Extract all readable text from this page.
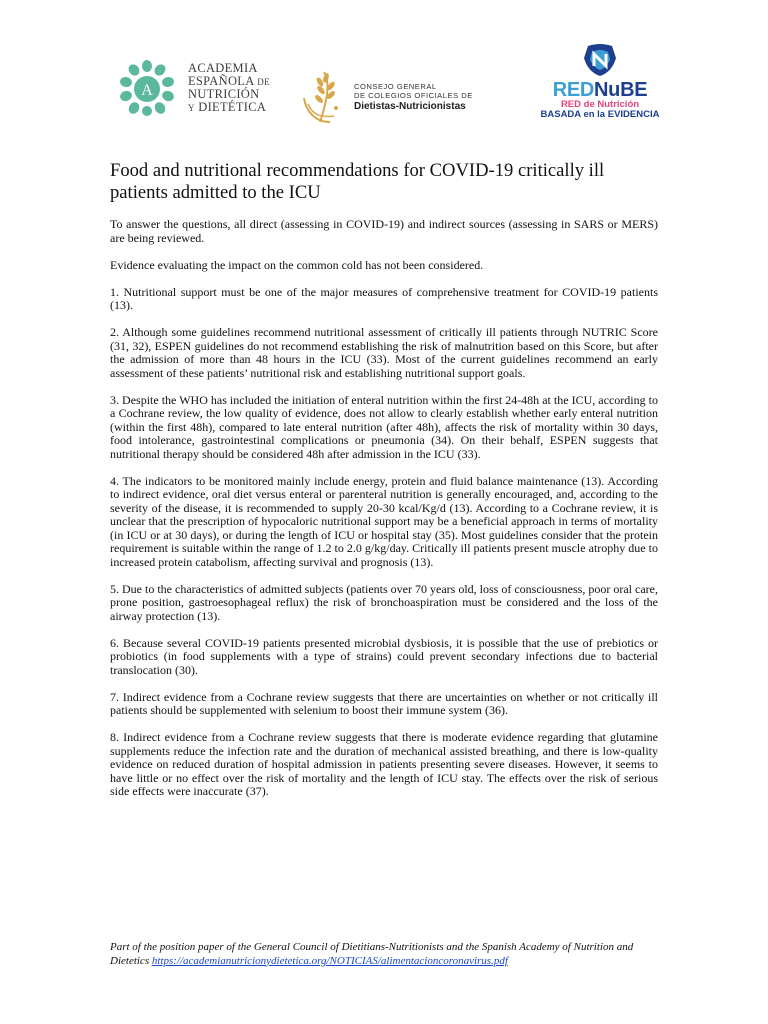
A
ACADEMIA
ESPAÑOLA DE
NUTRICIÓN
Y DIETÉTICA
CONSEJO GENERAL
DE COLEGIOS OFICIALES DE
Dietistas-Nutricionistas
REDNuBE
RED de Nutrición
BASADA en la EVIDENCIA
Food and nutritional recommendations for COVID-19 critically ill patients admitted to the ICU

To answer the questions, all direct (assessing in COVID-19) and indirect sources (assessing in SARS or MERS) are being reviewed.

Evidence evaluating the impact on the common cold has not been considered.

1. Nutritional support must be one of the major measures of comprehensive treatment for COVID-19 patients (13).

2. Although some guidelines recommend nutritional assessment of critically ill patients through NUTRIC Score (31, 32), ESPEN guidelines do not recommend establishing the risk of malnutrition based on this Score, but after the admission of more than 48 hours in the ICU (33). Most of the current guidelines recommend an early assessment of these patients’ nutritional risk and establishing nutritional support goals.

3. Despite the WHO has included the initiation of enteral nutrition within the first 24-48h at the ICU, according to a Cochrane review, the low quality of evidence, does not allow to clearly establish whether early enteral nutrition (within the first 48h), compared to late enteral nutrition (after 48h), affects the risk of mortality within 30 days, food intolerance, gastrointestinal complications or pneumonia (34). On their behalf, ESPEN suggests that nutritional therapy should be considered 48h after admission in the ICU (33).

4. The indicators to be monitored mainly include energy, protein and fluid balance maintenance (13). According to indirect evidence, oral diet versus enteral or parenteral nutrition is generally encouraged, and, according to the severity of the disease, it is recommended to supply 20-30 kcal/Kg/d (13). According to a Cochrane review, it is unclear that the prescription of hypocaloric nutritional support may be a beneficial approach in terms of mortality (in ICU or at 30 days), or during the length of ICU or hospital stay (35). Most guidelines consider that the protein requirement is suitable within the range of 1.2 to 2.0 g/kg/day. Critically ill patients present muscle atrophy due to increased protein catabolism, affecting survival and prognosis (13).

5. Due to the characteristics of admitted subjects (patients over 70 years old, loss of consciousness, poor oral care, prone position, gastroesophageal reflux) the risk of bronchoaspiration must be considered and the loss of the airway protection (13).

6. Because several COVID-19 patients presented microbial dysbiosis, it is possible that the use of prebiotics or probiotics (in food supplements with a type of strains) could prevent secondary infections due to bacterial translocation (30).

7. Indirect evidence from a Cochrane review suggests that there are uncertainties on whether or not critically ill patients should be supplemented with selenium to boost their immune system (36).

8. Indirect evidence from a Cochrane review suggests that there is moderate evidence regarding that glutamine supplements reduce the infection rate and the duration of mechanical assisted breathing, and there is low-quality evidence on reduced duration of hospital admission in patients presenting severe diseases. However, it seems to have little or no effect over the risk of mortality and the length of ICU stay. The effects over the risk of serious side effects were inaccurate (37).

Part of the position paper of the General Council of Dietitians-Nutritionists and the Spanish Academy of Nutrition and Dietetics https://academianutricionydietetica.org/NOTICIAS/alimentacioncoronavirus.pdf
